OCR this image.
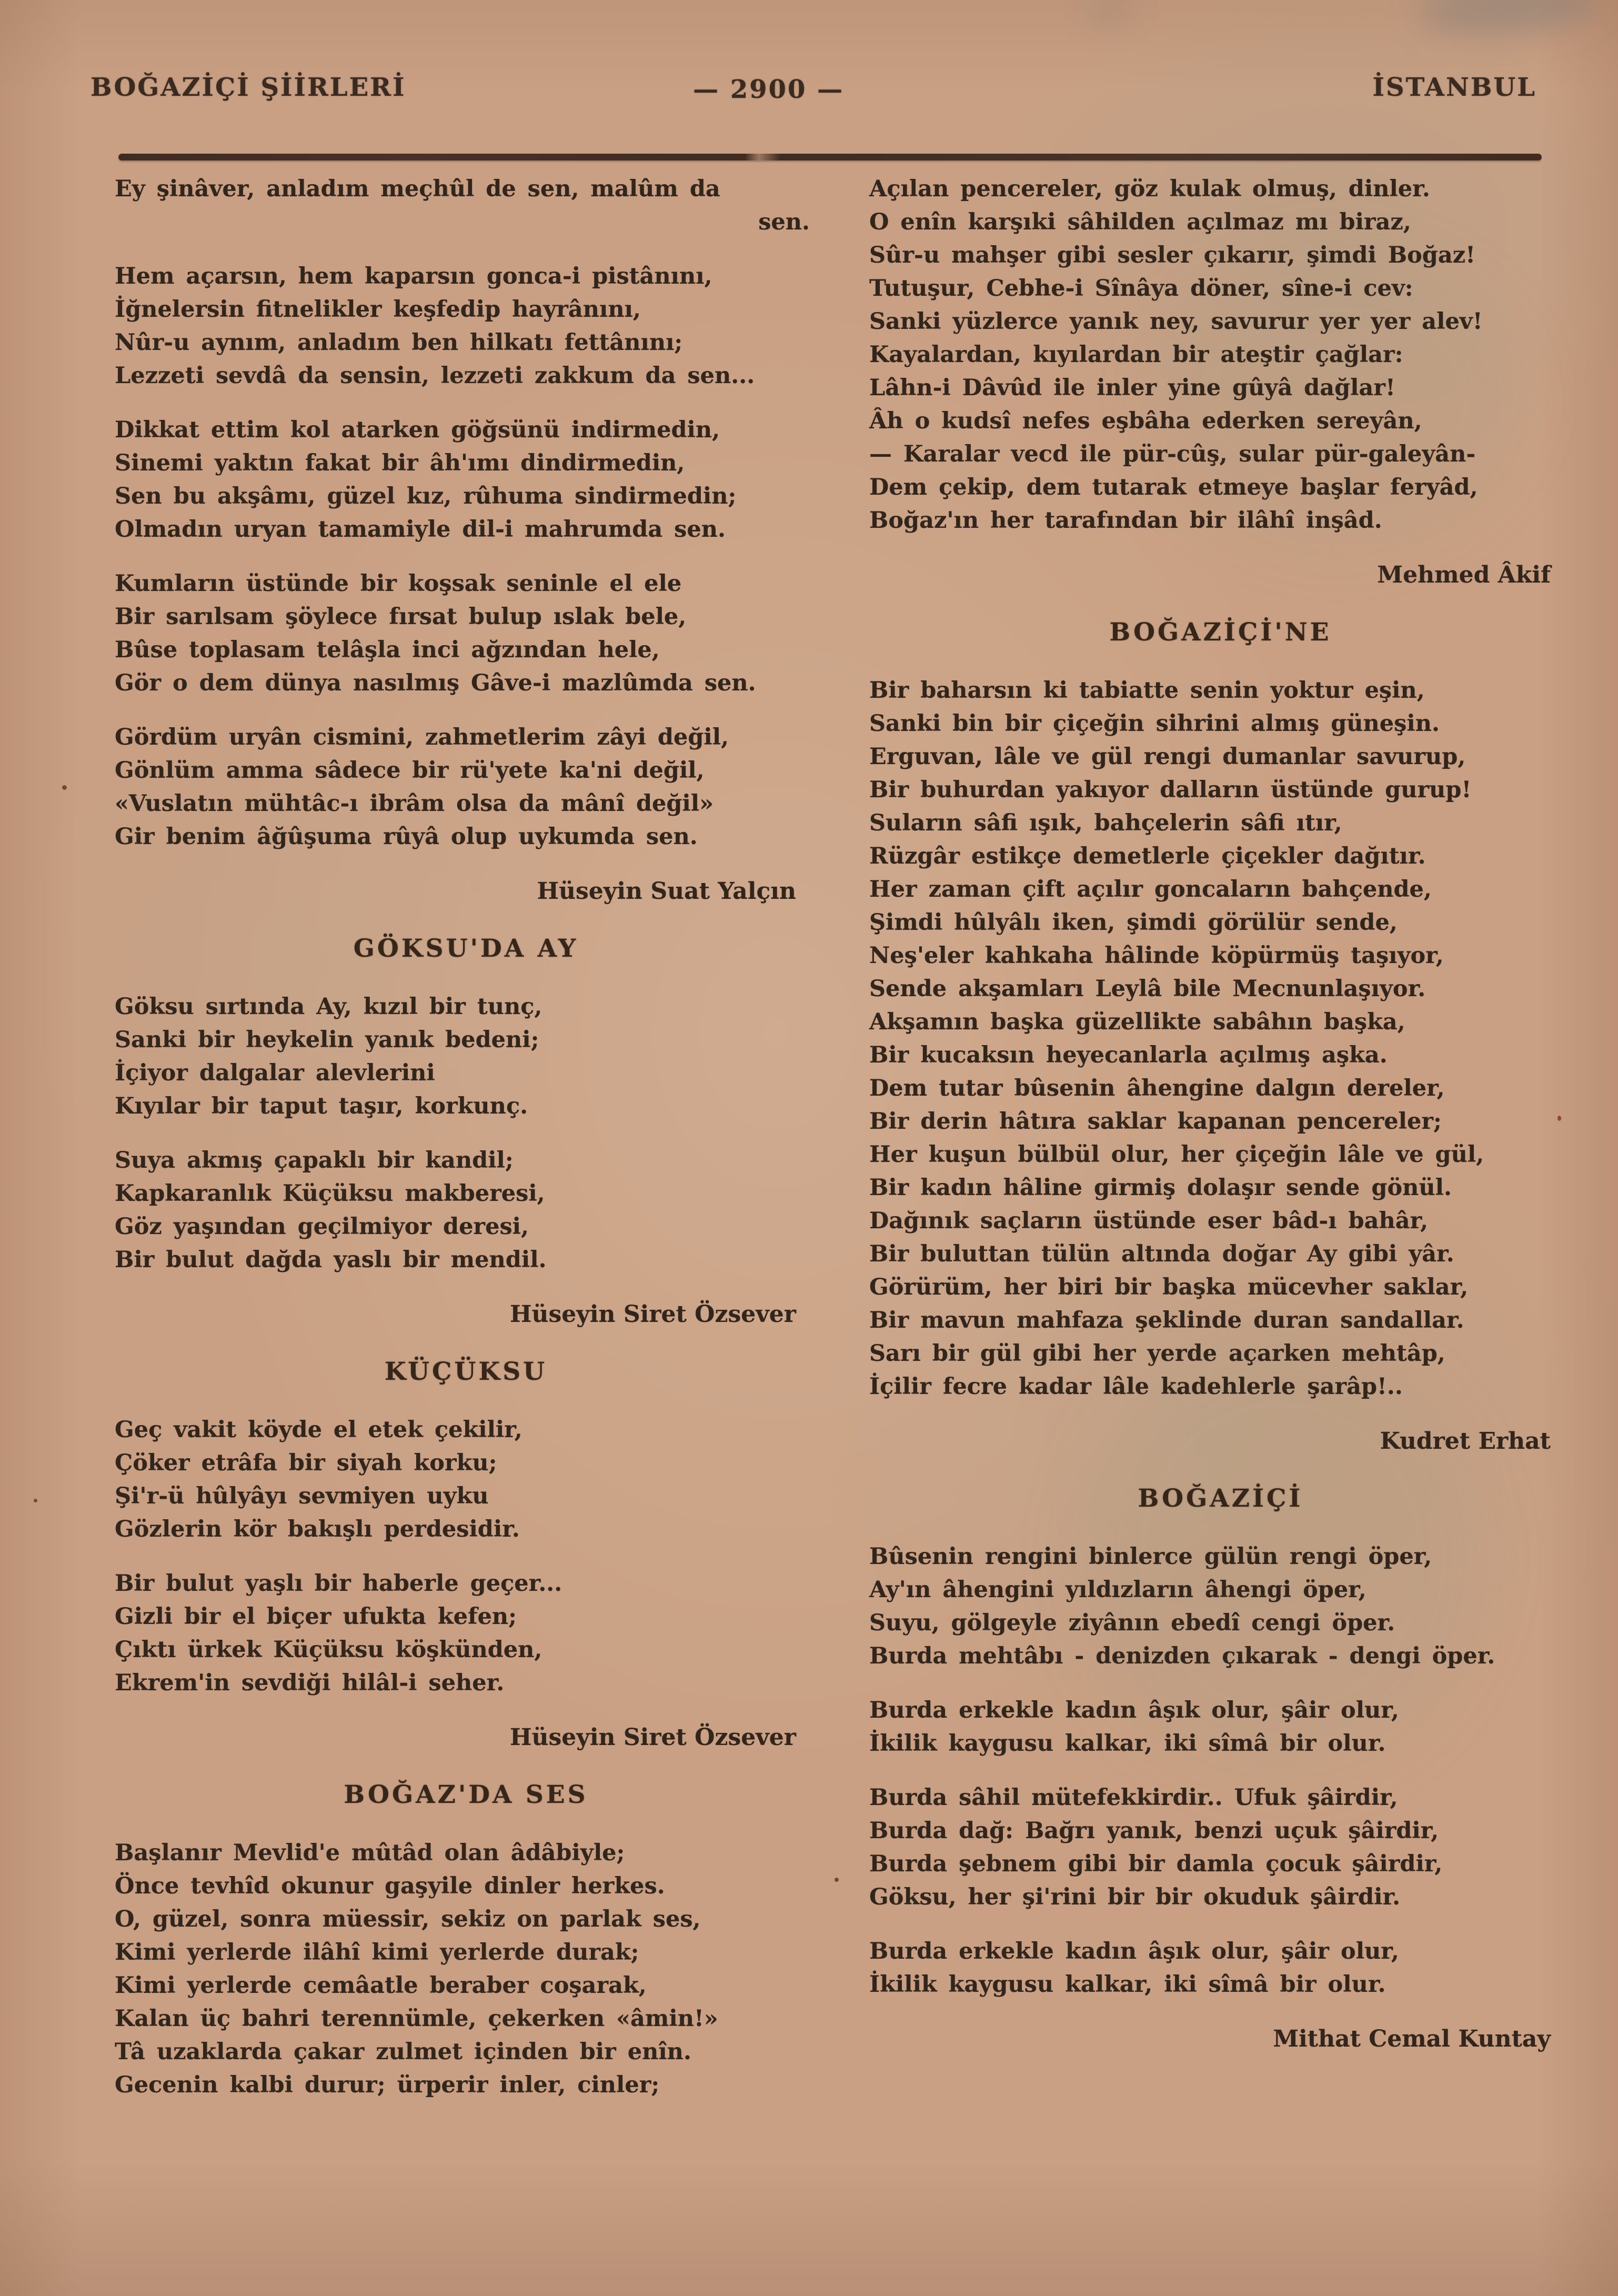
BOĞAZİÇİ ŞİİRLERİ	— 2900 —	İSTANBUL
Ey şinâver, anladım meçhûl de sen, malûm da
sen.
Hem açarsın, hem kaparsın gonca-i pistânını,
İğnelersin fitnelikler keşfedip hayrânını,
Nûr-u aynım, anladım ben hilkatı fettânını;
Lezzeti sevdâ da sensin, lezzeti zakkum da sen...
Dikkat ettim kol atarken göğsünü indirmedin,
Sinemi yaktın fakat bir âh'ımı dindirmedin,
Sen bu akşâmı, güzel kız, rûhuma sindirmedin;
Olmadın uryan tamamiyle dil-i mahrumda sen.
Kumların üstünde bir koşsak seninle el ele
Bir sarılsam şöylece fırsat bulup ıslak bele,
Bûse toplasam telâşla inci ağzından hele,
Gör o dem dünya nasılmış Gâve-i mazlûmda sen.
Gördüm uryân cismini, zahmetlerim zâyi değil,
Gönlüm amma sâdece bir rü'yete ka'ni değil,
«Vuslatın mühtâc-ı ibrâm olsa da mânî değil»
Gir benim âğûşuma rûyâ olup uykumda sen.
Hüseyin Suat Yalçın
GÖKSU'DA AY
Göksu sırtında Ay, kızıl bir tunç,
Sanki bir heykelin yanık bedeni;
İçiyor dalgalar alevlerini
Kıyılar bir taput taşır, korkunç.
Suya akmış çapaklı bir kandil;
Kapkaranlık Küçüksu makberesi,
Göz yaşından geçilmiyor deresi,
Bir bulut dağda yaslı bir mendil.
Hüseyin Siret Özsever
KÜÇÜKSU
Geç vakit köyde el etek çekilir,
Çöker etrâfa bir siyah korku;
Şi'r-ü hûlyâyı sevmiyen uyku
Gözlerin kör bakışlı perdesidir.
Bir bulut yaşlı bir haberle geçer...
Gizli bir el biçer ufukta kefen;
Çıktı ürkek Küçüksu köşkünden,
Ekrem'in sevdiği hilâl-i seher.
Hüseyin Siret Özsever
BOĞAZ'DA SES
Başlanır Mevlid'e mûtâd olan âdâbiyle;
Önce tevhîd okunur gaşyile dinler herkes.
O, güzel, sonra müessir, sekiz on parlak ses,
Kimi yerlerde ilâhî kimi yerlerde durak;
Kimi yerlerde cemâatle beraber coşarak,
Kalan üç bahri terennümle, çekerken «âmin!»
Tâ uzaklarda çakar zulmet içinden bir enîn.
Gecenin kalbi durur; ürperir inler, cinler;
Açılan pencereler, göz kulak olmuş, dinler.
O enîn karşıki sâhilden açılmaz mı biraz,
Sûr-u mahşer gibi sesler çıkarır, şimdi Boğaz!
Tutuşur, Cebhe-i Sînâya döner, sîne-i cev:
Sanki yüzlerce yanık ney, savurur yer yer alev!
Kayalardan, kıyılardan bir ateştir çağlar:
Lâhn-i Dâvûd ile inler yine gûyâ dağlar!
Âh o kudsî nefes eşbâha ederken sereyân,
— Karalar vecd ile pür-cûş, sular pür-galeyân-
Dem çekip, dem tutarak etmeye başlar feryâd,
Boğaz'ın her tarafından bir ilâhî inşâd.
Mehmed Âkif
BOĞAZİÇİ'NE
Bir baharsın ki tabiatte senin yoktur eşin,
Sanki bin bir çiçeğin sihrini almış güneşin.
Erguvan, lâle ve gül rengi dumanlar savurup,
Bir buhurdan yakıyor dalların üstünde gurup!
Suların sâfi ışık, bahçelerin sâfi ıtır,
Rüzgâr estikçe demetlerle çiçekler dağıtır.
Her zaman çift açılır goncaların bahçende,
Şimdi hûlyâlı iken, şimdi görülür sende,
Neş'eler kahkaha hâlinde köpürmüş taşıyor,
Sende akşamları Leylâ bile Mecnunlaşıyor.
Akşamın başka güzellikte sabâhın başka,
Bir kucaksın heyecanlarla açılmış aşka.
Dem tutar bûsenin âhengine dalgın dereler,
Bir derin hâtıra saklar kapanan pencereler;
Her kuşun bülbül olur, her çiçeğin lâle ve gül,
Bir kadın hâline girmiş dolaşır sende gönül.
Dağınık saçların üstünde eser bâd-ı bahâr,
Bir buluttan tülün altında doğar Ay gibi yâr.
Görürüm, her biri bir başka mücevher saklar,
Bir mavun mahfaza şeklinde duran sandallar.
Sarı bir gül gibi her yerde açarken mehtâp,
İçilir fecre kadar lâle kadehlerle şarâp!..
Kudret Erhat
BOĞAZİÇİ
Bûsenin rengini binlerce gülün rengi öper,
Ay'ın âhengini yıldızların âhengi öper,
Suyu, gölgeyle ziyânın ebedî cengi öper.
Burda mehtâbı - denizden çıkarak - dengi öper.
Burda erkekle kadın âşık olur, şâir olur,
İkilik kaygusu kalkar, iki sîmâ bir olur.
Burda sâhil mütefekkirdir.. Ufuk şâirdir,
Burda dağ: Bağrı yanık, benzi uçuk şâirdir,
Burda şebnem gibi bir damla çocuk şâirdir,
Göksu, her şi'rini bir bir okuduk şâirdir.
Burda erkekle kadın âşık olur, şâir olur,
İkilik kaygusu kalkar, iki sîmâ bir olur.
Mithat Cemal Kuntay
